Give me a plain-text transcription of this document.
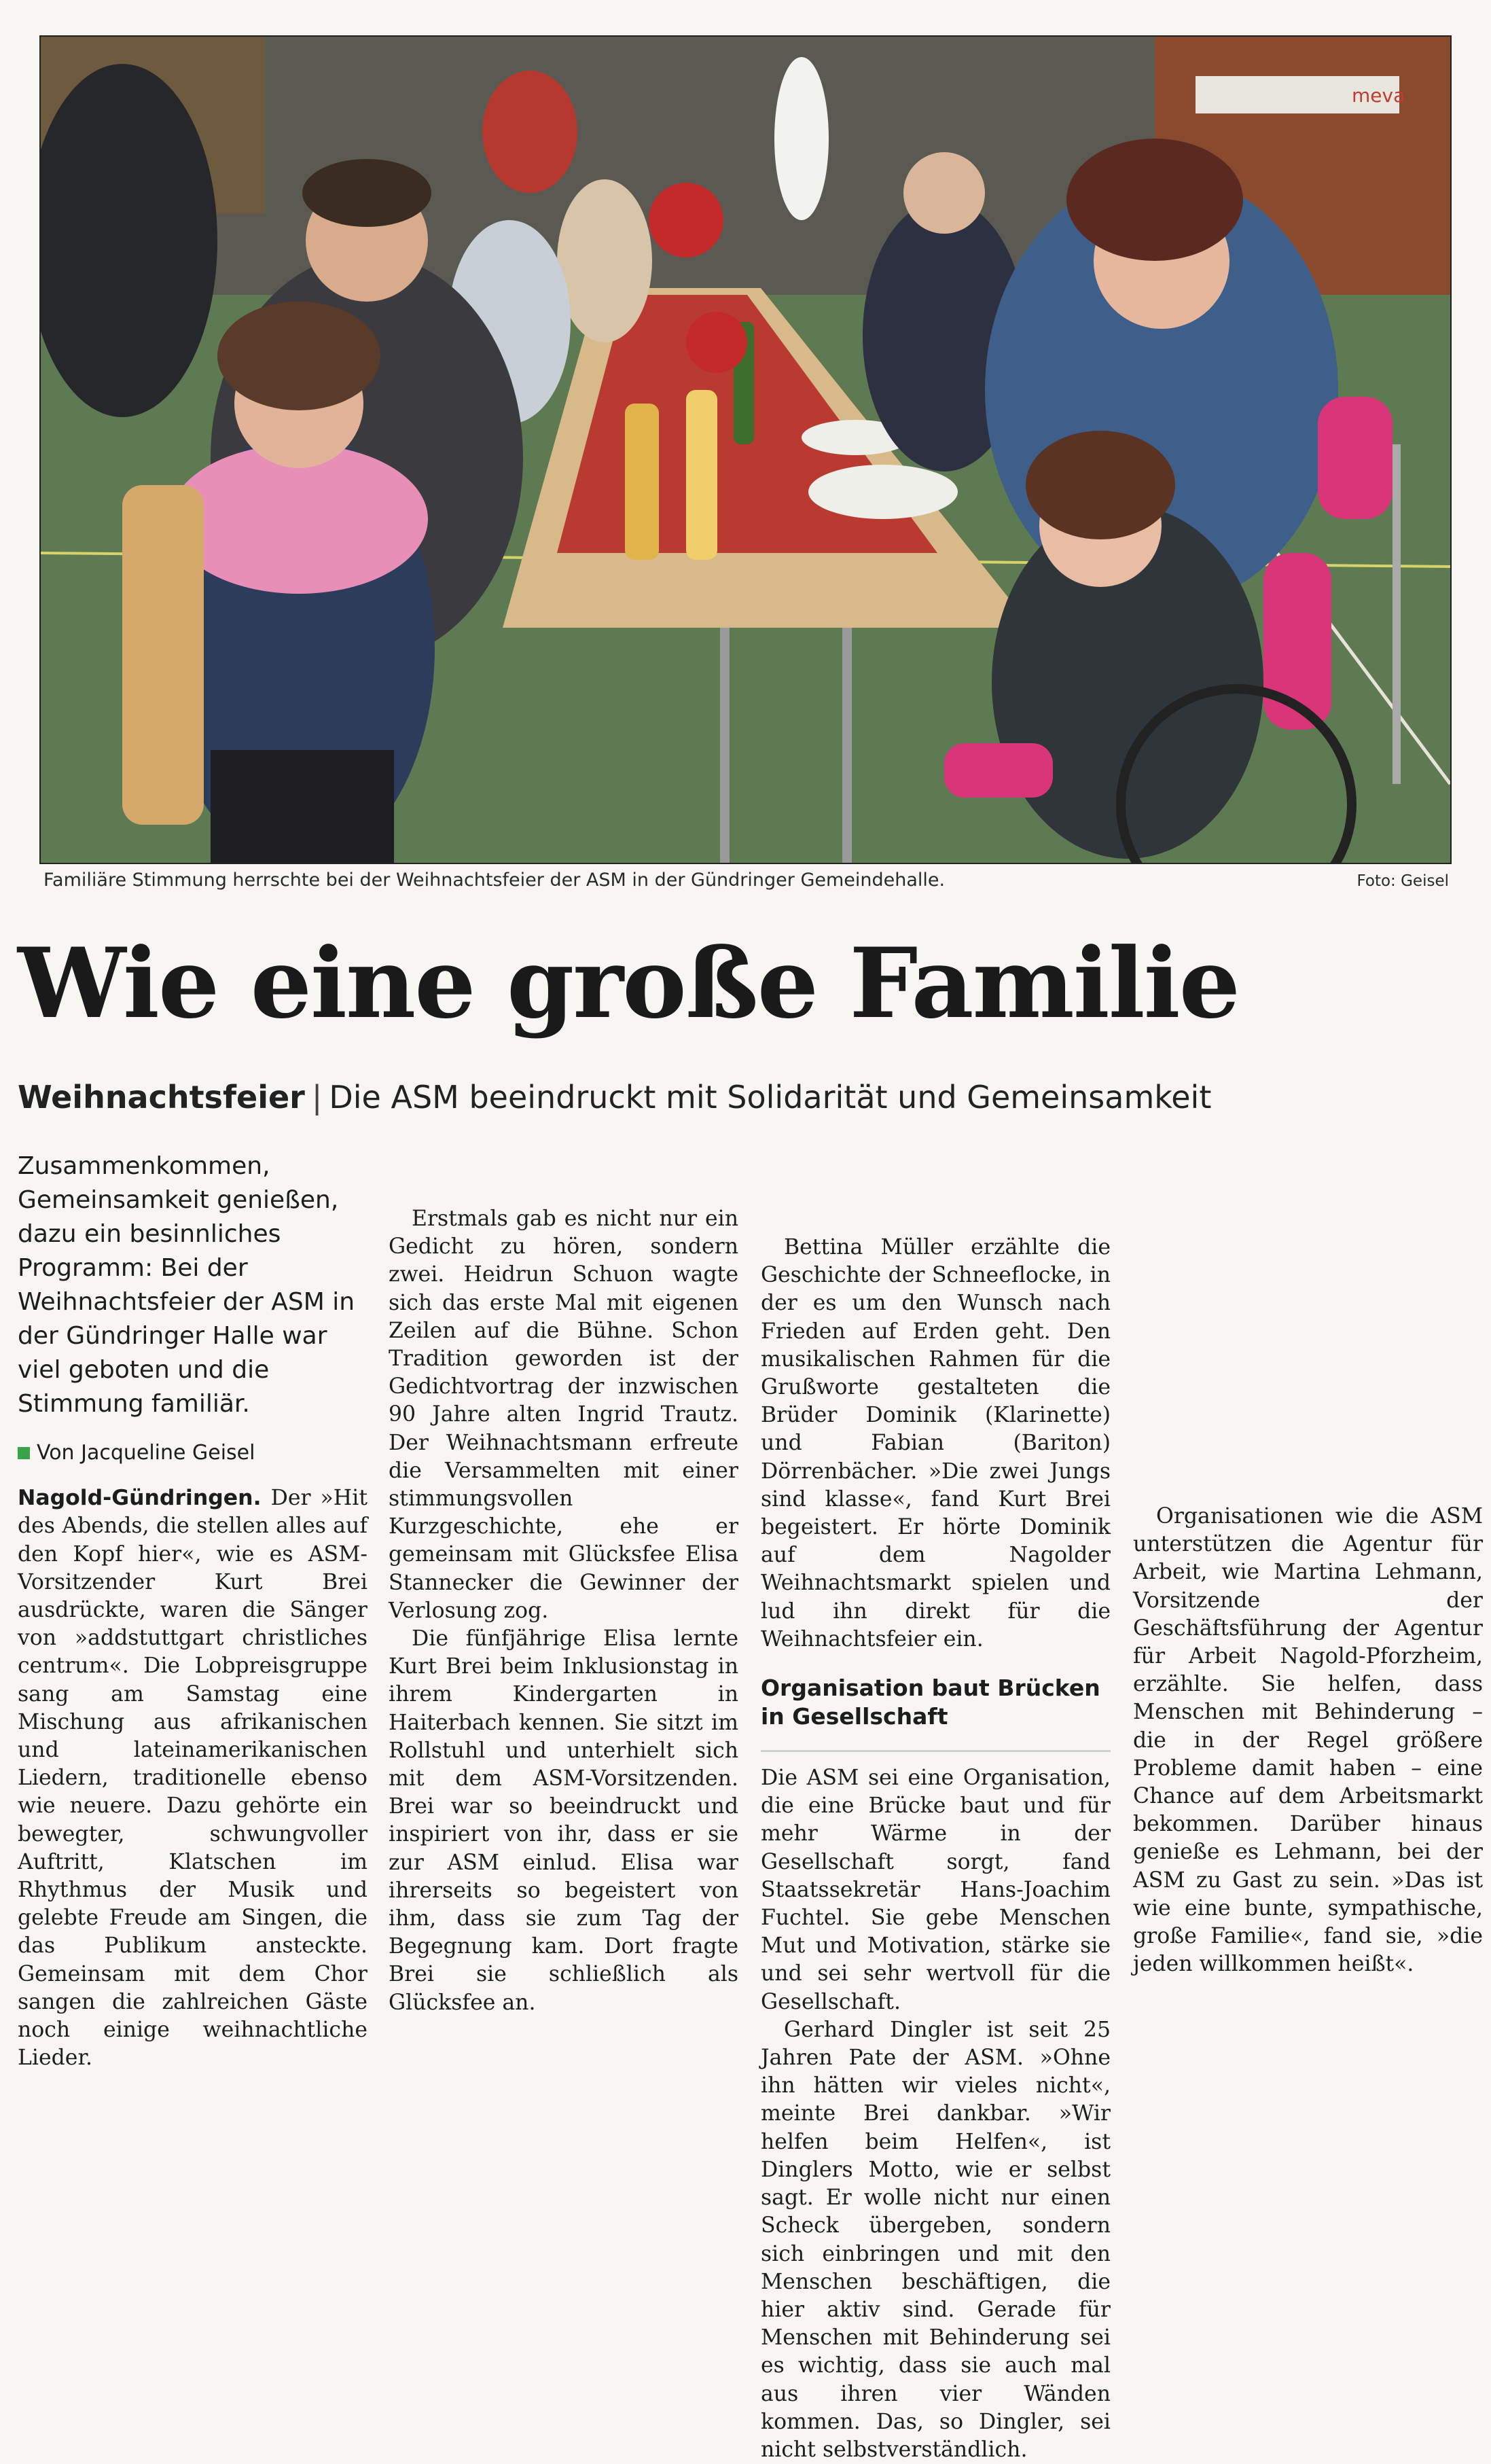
meva
Familiäre Stimmung herrschte bei der Weihnachtsfeier der ASM in der Gündringer Gemeindehalle.	Foto: Geisel
Wie eine große Familie
Weihnachtsfeier | Die ASM beeindruckt mit Solidarität und Gemeinsamkeit

Zusammenkommen, Gemeinsamkeit genießen, dazu ein besinnliches Programm: Bei der Weihnachtsfeier der ASM in der Gündringer Halle war viel geboten und die Stimmung familiär.

Von Jacqueline Geisel

Nagold-Gündringen. Der »Hit des Abends, die stellen alles auf den Kopf hier«, wie es ASM-Vorsitzender Kurt Brei ausdrückte, waren die Sänger von »addstuttgart christliches centrum«. Die Lobpreisgruppe sang am Samstag eine Mischung aus afrikanischen und lateinamerikanischen Liedern, traditionelle ebenso wie neuere. Dazu gehörte ein bewegter, schwungvoller Auftritt, Klatschen im Rhythmus der Musik und gelebte Freude am Singen, die das Publikum ansteckte. Gemeinsam mit dem Chor sangen die zahlreichen Gäste noch einige weihnachtliche Lieder.

Erstmals gab es nicht nur ein Gedicht zu hören, sondern zwei. Heidrun Schuon wagte sich das erste Mal mit eigenen Zeilen auf die Bühne. Schon Tradition geworden ist der Gedichtvortrag der inzwischen 90 Jahre alten Ingrid Trautz. Der Weihnachtsmann erfreute die Versammelten mit einer stimmungsvollen Kurzgeschichte, ehe er gemeinsam mit Glücksfee Elisa Stannecker die Gewinner der Verlosung zog.

Die fünfjährige Elisa lernte Kurt Brei beim Inklusionstag in ihrem Kindergarten in Haiterbach kennen. Sie sitzt im Rollstuhl und unterhielt sich mit dem ASM-Vorsitzenden. Brei war so beeindruckt und inspiriert von ihr, dass er sie zur ASM einlud. Elisa war ihrerseits so begeistert von ihm, dass sie zum Tag der Begegnung kam. Dort fragte Brei sie schließlich als Glücksfee an.

Bettina Müller erzählte die Geschichte der Schneeflocke, in der es um den Wunsch nach Frieden auf Erden geht. Den musikalischen Rahmen für die Grußworte gestalteten die Brüder Dominik (Klarinette) und Fabian (Bariton) Dörrenbächer. »Die zwei Jungs sind klasse«, fand Kurt Brei begeistert. Er hörte Dominik auf dem Nagolder Weihnachtsmarkt spielen und lud ihn direkt für die Weihnachtsfeier ein.

Organisation baut Brücken in Gesellschaft

Die ASM sei eine Organisation, die eine Brücke baut und für mehr Wärme in der Gesellschaft sorgt, fand Staatssekretär Hans-Joachim Fuchtel. Sie gebe Menschen Mut und Motivation, stärke sie und sei sehr wertvoll für die Gesellschaft.

Gerhard Dingler ist seit 25 Jahren Pate der ASM. »Ohne ihn hätten wir vieles nicht«, meinte Brei dankbar. »Wir helfen beim Helfen«, ist Dinglers Motto, wie er selbst sagt. Er wolle nicht nur einen Scheck übergeben, sondern sich einbringen und mit den Menschen beschäftigen, die hier aktiv sind. Gerade für Menschen mit Behinderung sei es wichtig, dass sie auch mal aus ihren vier Wänden kommen. Das, so Dingler, sei nicht selbstverständlich.

Organisationen wie die ASM unterstützen die Agentur für Arbeit, wie Martina Lehmann, Vorsitzende der Geschäftsführung der Agentur für Arbeit Nagold-Pforzheim, erzählte. Sie helfen, dass Menschen mit Behinderung – die in der Regel größere Probleme damit haben – eine Chance auf dem Arbeitsmarkt bekommen. Darüber hinaus genieße es Lehmann, bei der ASM zu Gast zu sein. »Das ist wie eine bunte, sympathische, große Familie«, fand sie, »die jeden willkommen heißt«.
